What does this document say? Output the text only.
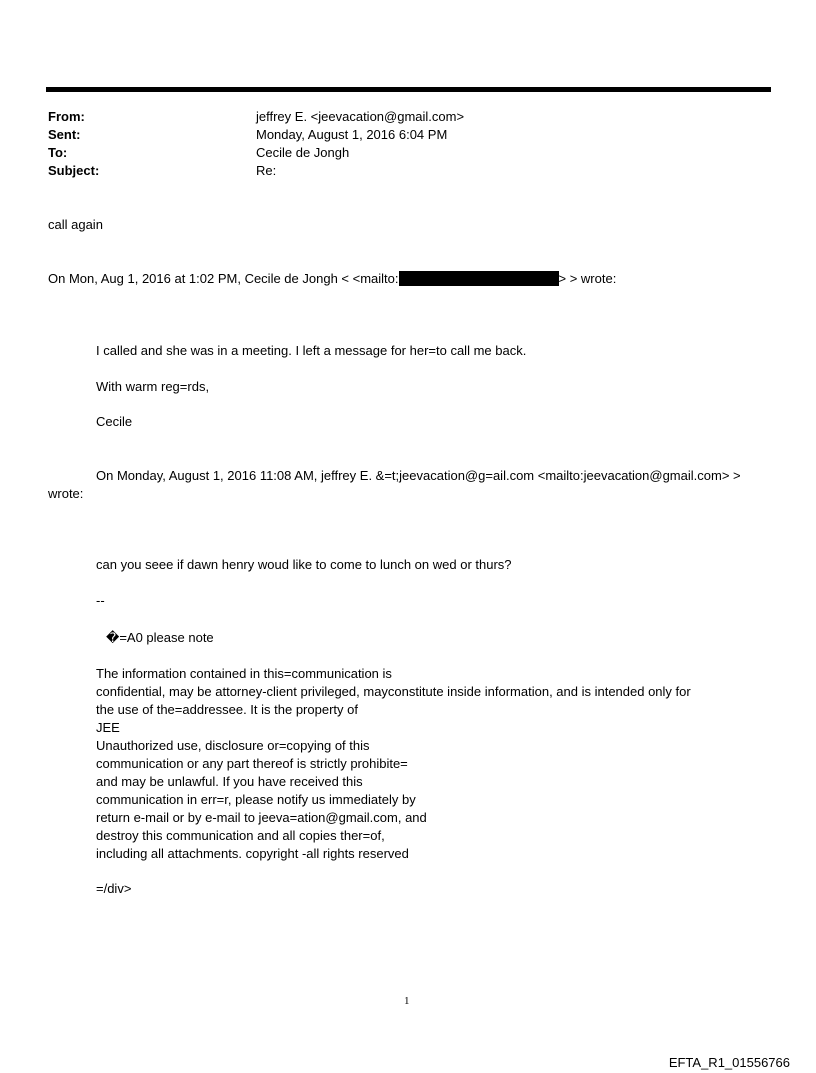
From:	jeffrey E. <jeevacation@gmail.com>
Sent:	Monday, August 1, 2016 6:04 PM
To:	Cecile de Jongh
Subject:	Re:
call again
On Mon, Aug 1, 2016 at 1:02 PM, Cecile de Jongh < <mailto:	> > wrote:
I called and she was in a meeting. I left a message for her=to call me back.
With warm reg=rds,
Cecile
On Monday, August 1, 2016 11:08 AM, jeffrey E. &=t;jeevacation@g=ail.com <mailto:jeevacation@gmail.com> >
wrote:
can you seee if dawn henry woud like to come to lunch on wed or thurs?
--
�=A0 please note
The information contained in this=communication is
confidential, may be attorney-client privileged, mayconstitute inside information, and is intended only for
the use of the=addressee. It is the property of
JEE
Unauthorized use, disclosure or=copying of this
communication or any part thereof is strictly prohibite=
and may be unlawful. If you have received this
communication in err=r, please notify us immediately by
return e-mail or by e-mail to jeeva=ation@gmail.com, and
destroy this communication and all copies ther=of,
including all attachments. copyright -all rights reserved
=/div>
1
EFTA_R1_01556766
